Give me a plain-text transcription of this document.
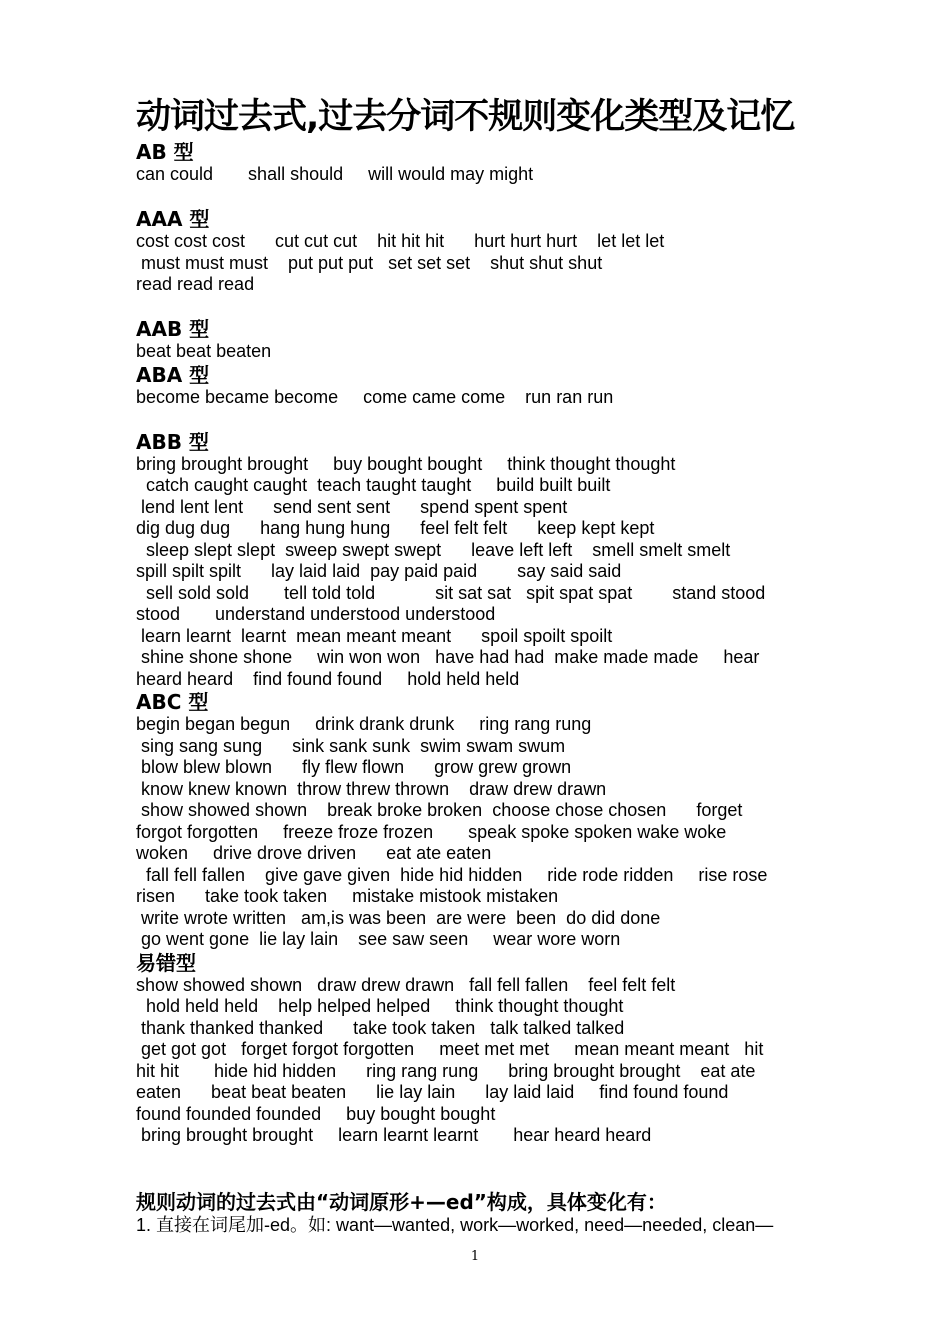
动词过去式,过去分词不规则变化类型及记忆
AB 型
can could       shall should     will would may might
AAA 型
cost cost cost      cut cut cut    hit hit hit      hurt hurt hurt    let let let
must must must    put put put   set set set    shut shut shut
read read read
AAB 型
beat beat beaten
ABA 型
become became become     come came come    run ran run
ABB 型
bring brought brought     buy bought bought     think thought thought
catch caught caught  teach taught taught     build built built
lend lent lent      send sent sent      spend spent spent
dig dug dug      hang hung hung      feel felt felt      keep kept kept
sleep slept slept  sweep swept swept      leave left left    smell smelt smelt
spill spilt spilt      lay laid laid  pay paid paid        say said said
sell sold sold       tell told told            sit sat sat   spit spat spat        stand stood
stood       understand understood understood
learn learnt  learnt  mean meant meant      spoil spoilt spoilt
shine shone shone     win won won   have had had  make made made     hear
heard heard    find found found     hold held held
ABC 型
begin began begun     drink drank drunk     ring rang rung
sing sang sung      sink sank sunk  swim swam swum
blow blew blown      fly flew flown      grow grew grown
know knew known  throw threw thrown    draw drew drawn
show showed shown    break broke broken  choose chose chosen      forget
forgot forgotten     freeze froze frozen       speak spoke spoken wake woke
woken     drive drove driven      eat ate eaten
fall fell fallen    give gave given  hide hid hidden     ride rode ridden     rise rose
risen      take took taken     mistake mistook mistaken
write wrote written   am,is was been  are were  been  do did done
go went gone  lie lay lain    see saw seen     wear wore worn
易错型
show showed shown   draw drew drawn   fall fell fallen    feel felt felt
hold held held    help helped helped     think thought thought
thank thanked thanked      take took taken   talk talked talked
get got got   forget forgot forgotten     meet met met     mean meant meant   hit
hit hit       hide hid hidden      ring rang rung      bring brought brought    eat ate
eaten      beat beat beaten      lie lay lain      lay laid laid     find found found
found founded founded     buy bought bought
bring brought brought     learn learnt learnt       hear heard heard
规则动词的过去式由“动词原形+—ed”构成，具体变化有：
1. 直接在词尾加-ed。如: want—wanted, work—worked, need—needed, clean—
1
